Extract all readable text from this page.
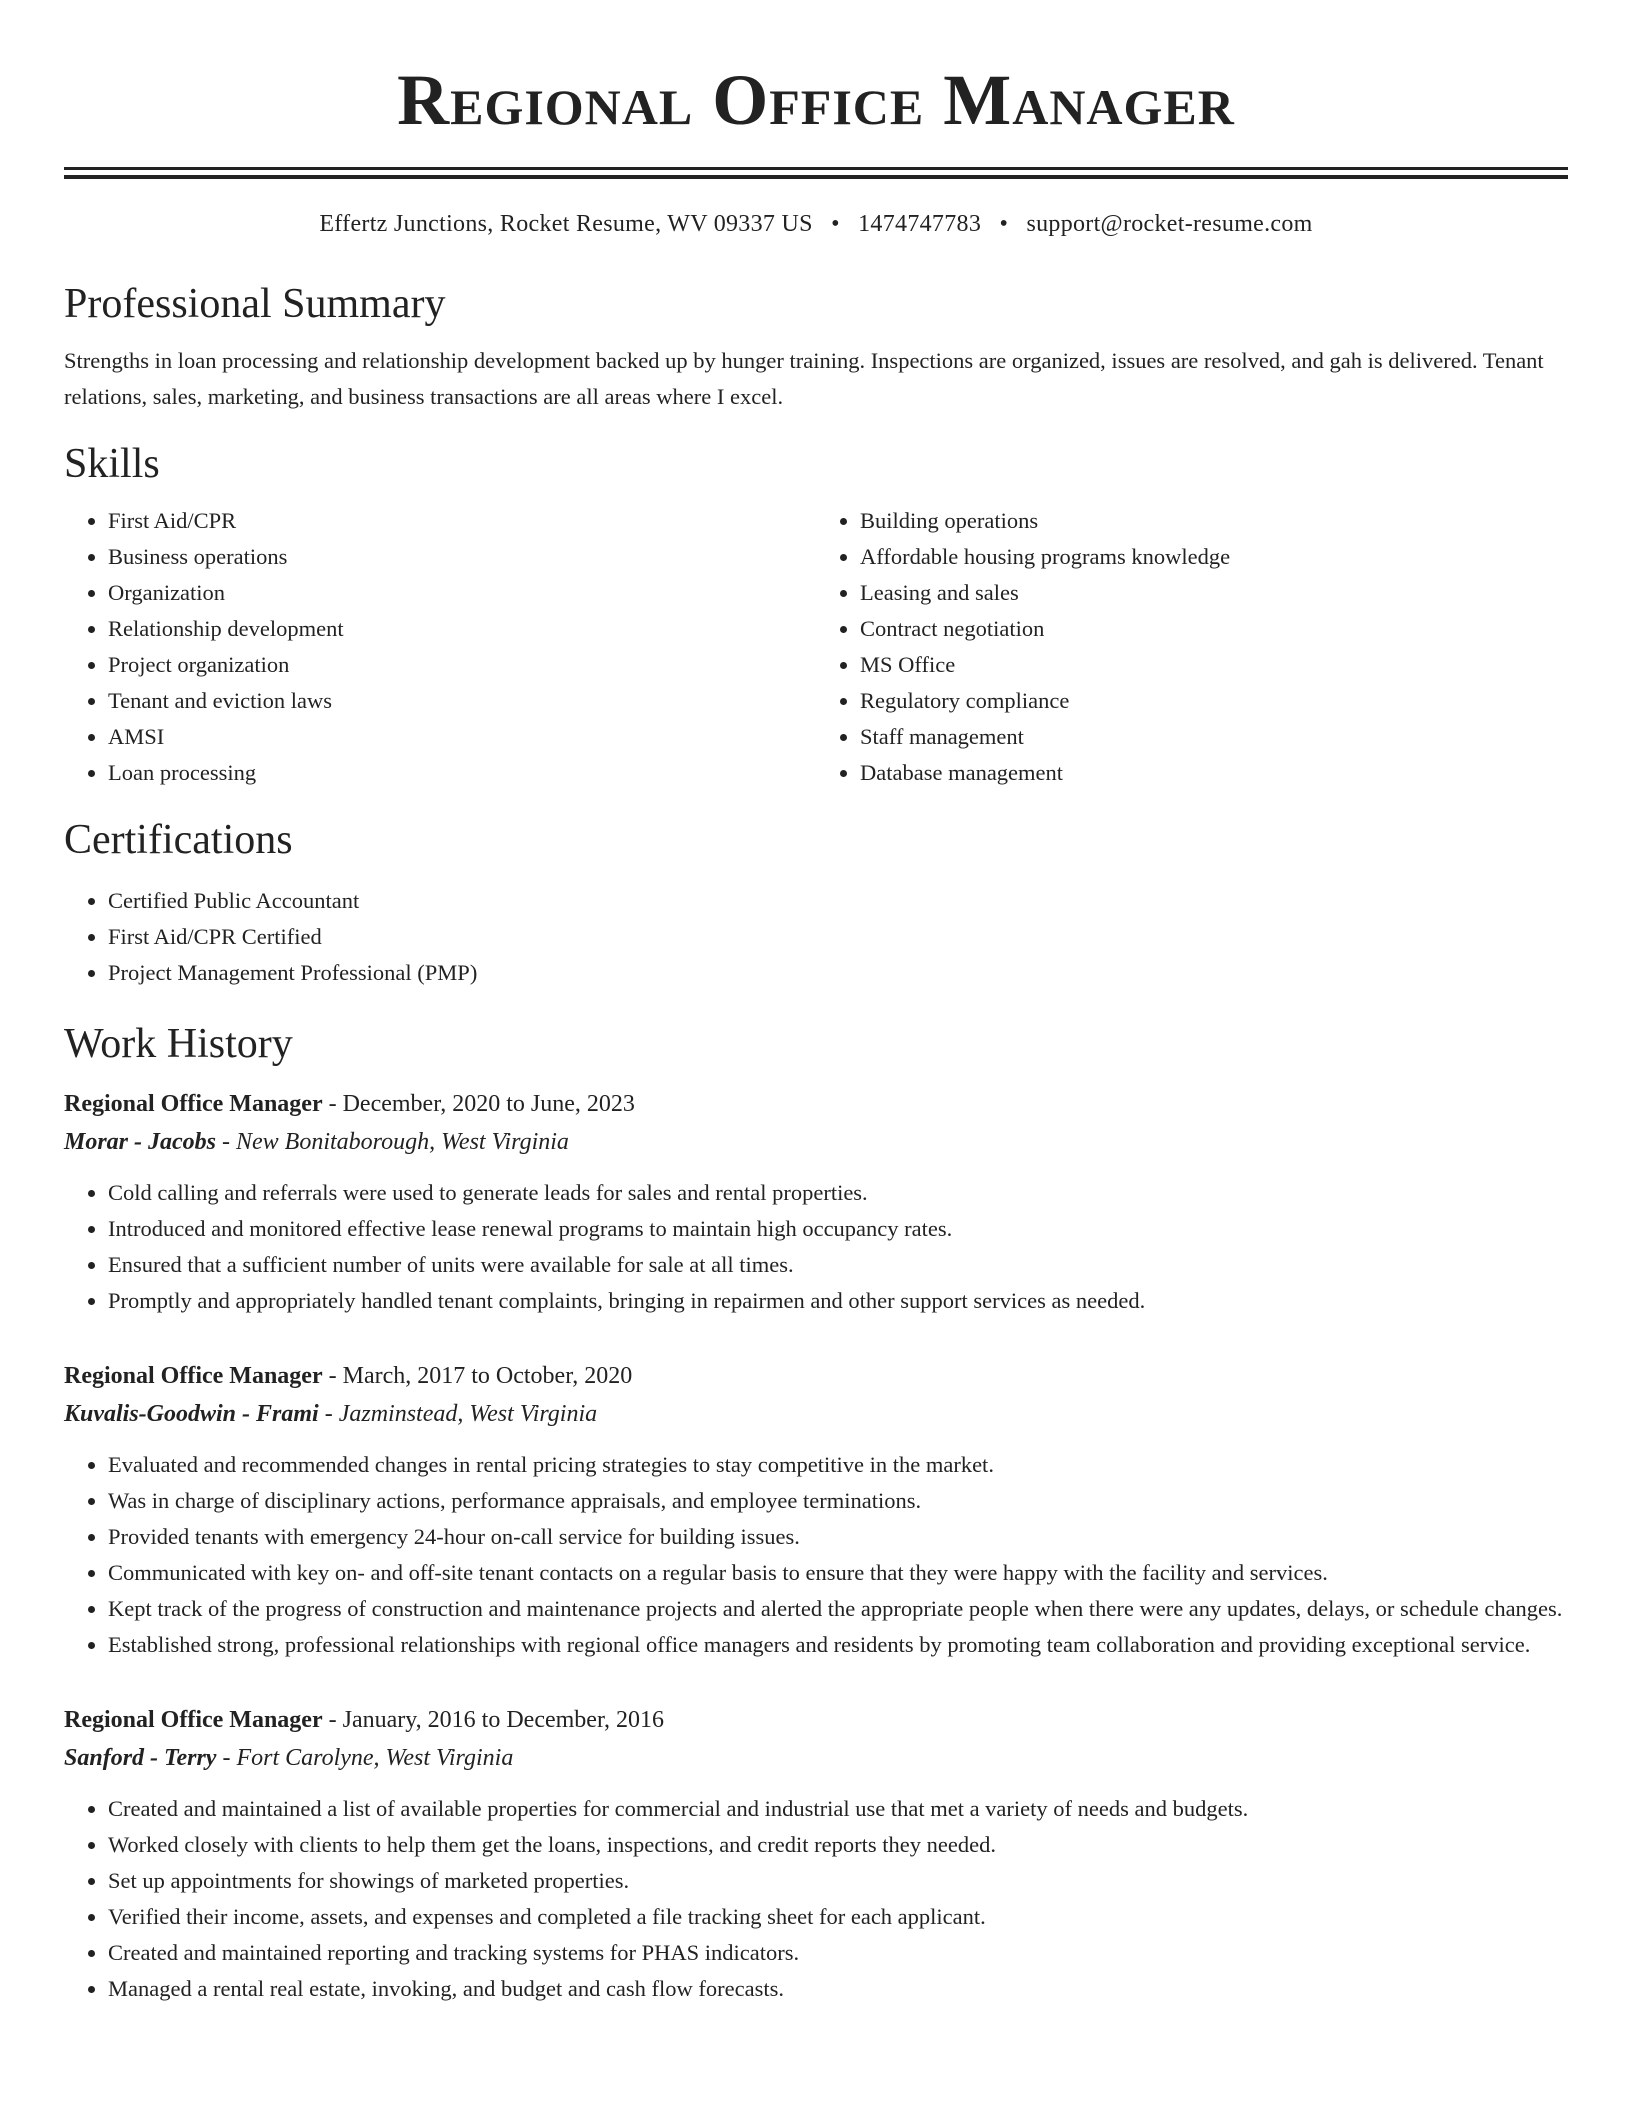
Regional Office Manager
Effertz Junctions, Rocket Resume, WV 09337 US • 1474747783 • support@rocket-resume.com
Professional Summary

Strengths in loan processing and relationship development backed up by hunger training. Inspections are organized, issues are resolved, and gah is delivered. Tenant relations, sales, marketing, and business transactions are all areas where I excel.

Skills
• First Aid/CPR
• Business operations
• Organization
• Relationship development
• Project organization
• Tenant and eviction laws
• AMSI
• Loan processing
• Building operations
• Affordable housing programs knowledge
• Leasing and sales
• Contract negotiation
• MS Office
• Regulatory compliance
• Staff management
• Database management
Certifications
• Certified Public Accountant
• First Aid/CPR Certified
• Project Management Professional (PMP)
Work History
Regional Office Manager - December, 2020 to June, 2023
Morar - Jacobs - New Bonitaborough, West Virginia
• Cold calling and referrals were used to generate leads for sales and rental properties.
• Introduced and monitored effective lease renewal programs to maintain high occupancy rates.
• Ensured that a sufficient number of units were available for sale at all times.
• Promptly and appropriately handled tenant complaints, bringing in repairmen and other support services as needed.
Regional Office Manager - March, 2017 to October, 2020
Kuvalis-Goodwin - Frami - Jazminstead, West Virginia
• Evaluated and recommended changes in rental pricing strategies to stay competitive in the market.
• Was in charge of disciplinary actions, performance appraisals, and employee terminations.
• Provided tenants with emergency 24-hour on-call service for building issues.
• Communicated with key on- and off-site tenant contacts on a regular basis to ensure that they were happy with the facility and services.
• Kept track of the progress of construction and maintenance projects and alerted the appropriate people when there were any updates, delays, or schedule changes.
• Established strong, professional relationships with regional office managers and residents by promoting team collaboration and providing exceptional service.
Regional Office Manager - January, 2016 to December, 2016
Sanford - Terry - Fort Carolyne, West Virginia
• Created and maintained a list of available properties for commercial and industrial use that met a variety of needs and budgets.
• Worked closely with clients to help them get the loans, inspections, and credit reports they needed.
• Set up appointments for showings of marketed properties.
• Verified their income, assets, and expenses and completed a file tracking sheet for each applicant.
• Created and maintained reporting and tracking systems for PHAS indicators.
• Managed a rental real estate, invoking, and budget and cash flow forecasts.
